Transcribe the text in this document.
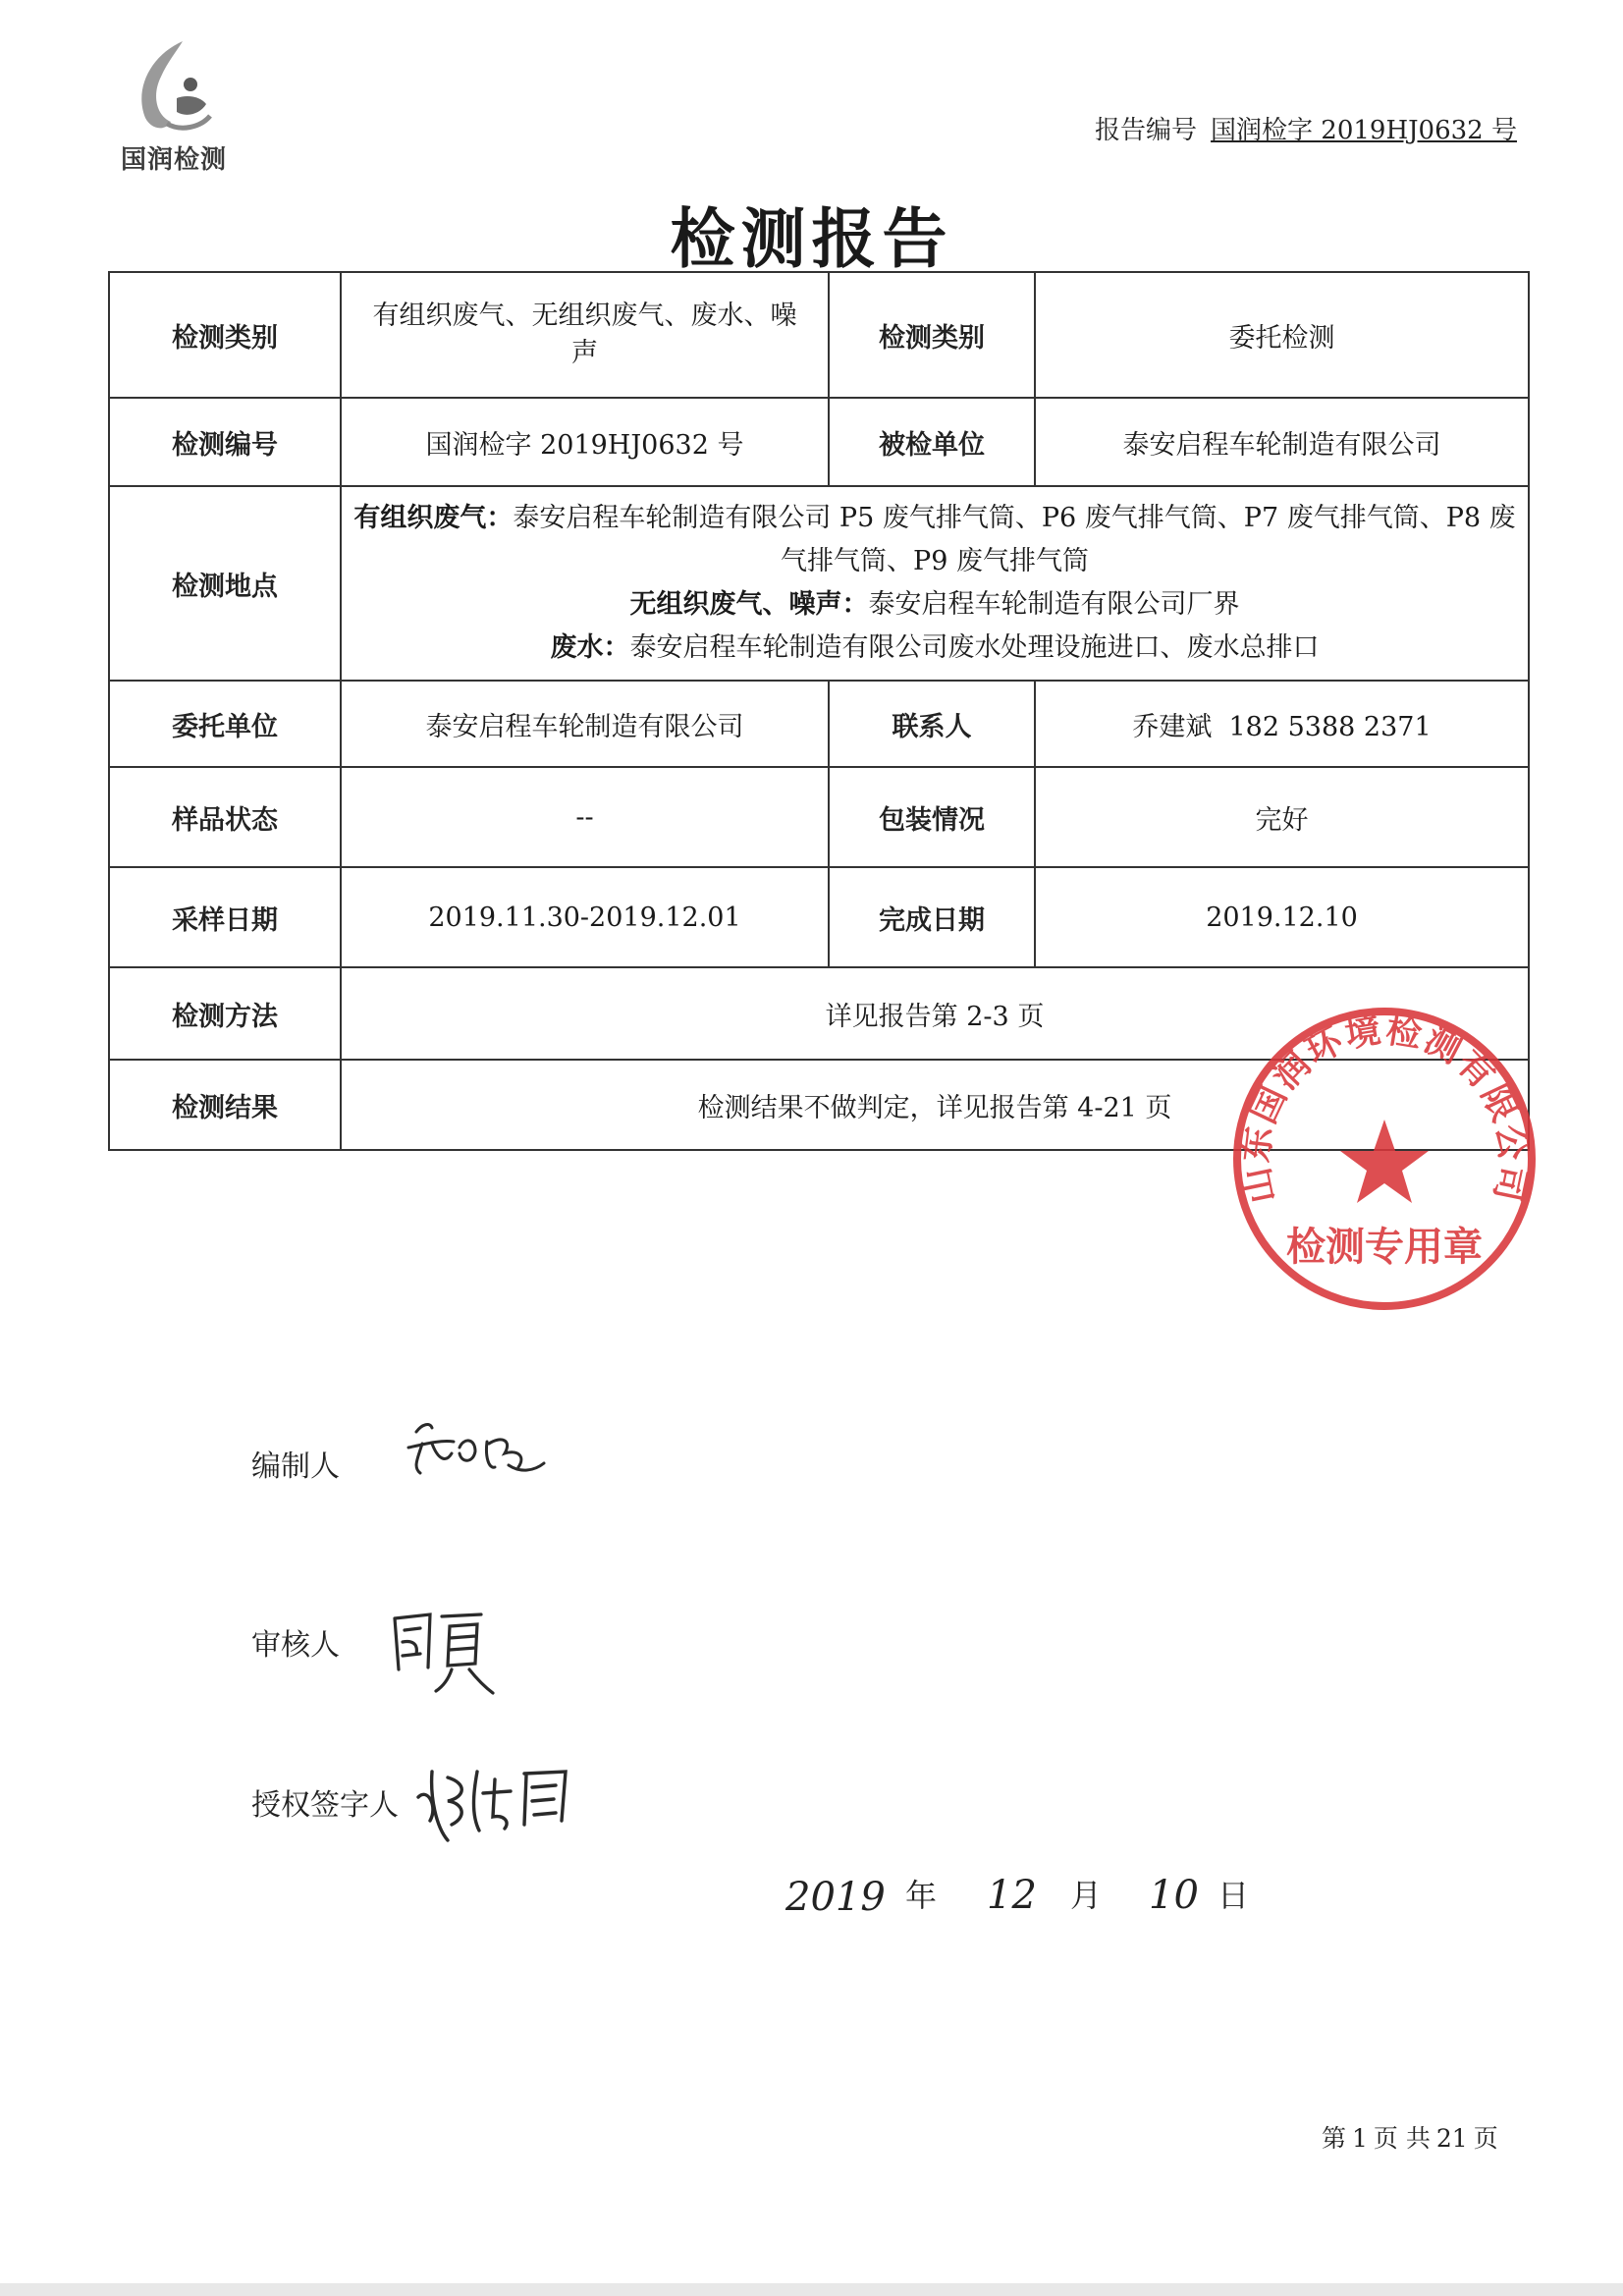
国润检测
报告编号 国润检字 2019HJ0632 号
检测报告
检测类别	有组织废气、无组织废气、废水、噪声	检测类别	委托检测
检测编号	国润检字 2019HJ0632 号	被检单位	泰安启程车轮制造有限公司
检测地点	有组织废气：泰安启程车轮制造有限公司 P5 废气排气筒、P6 废气排气筒、P7 废气排气筒、P8 废气排气筒、P9 废气排气筒
无组织废气、噪声：泰安启程车轮制造有限公司厂界
废水：泰安启程车轮制造有限公司废水处理设施进口、废水总排口		

委托单位	泰安启程车轮制造有限公司	联系人	乔建斌  182 5388 2371
样品状态	--	包装情况	完好
采样日期	2019.11.30-2019.12.01	完成日期	2019.12.10
检测方法	详见报告第 2-3 页		
检测结果	检测结果不做判定，详见报告第 4-21 页		
山东国润环境检测有限公司
检测专用章
编制人
审核人
授权签字人
2019 年 12 月 10 日
第 1 页 共 21 页
